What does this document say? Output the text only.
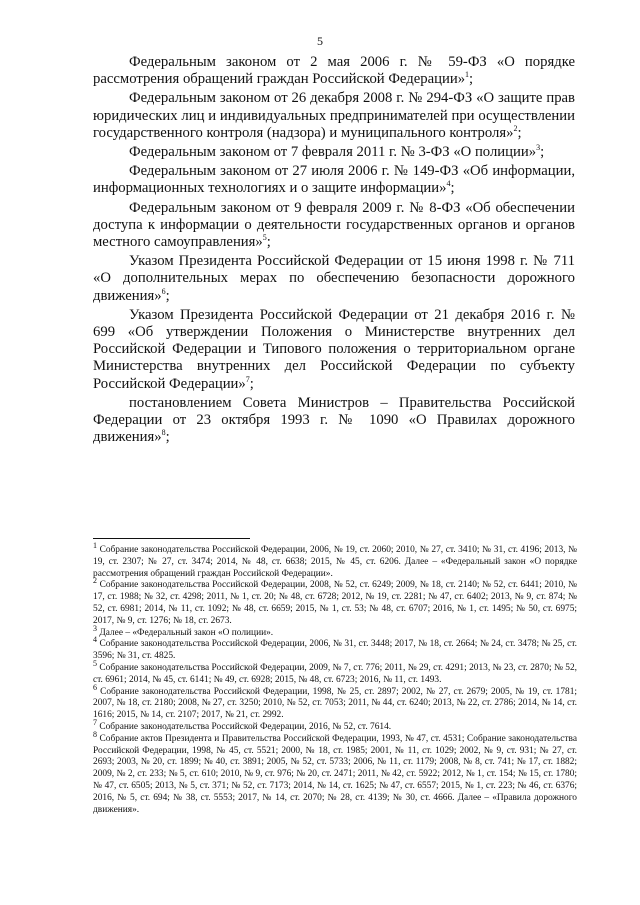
5

Федеральным законом от 2 мая 2006 г. № 59-ФЗ «О порядке рассмотрения обращений граждан Российской Федерации»$^1$;

Федеральным законом от 26 декабря 2008 г. № 294-ФЗ «О защите прав юридических лиц и индивидуальных предпринимателей при осуществлении государственного контроля (надзора) и муниципального контроля»$^2$;

Федеральным законом от 7 февраля 2011 г. № 3-ФЗ «О полиции»$^3$;

Федеральным законом от 27 июля 2006 г. № 149-ФЗ «Об информации, информационных технологиях и о защите информации»$^4$;

Федеральным законом от 9 февраля 2009 г. № 8-ФЗ «Об обеспечении доступа к информации о деятельности государственных органов и органов местного самоуправления»$^5$;

Указом Президента Российской Федерации от 15 июня 1998 г. № 711 «О дополнительных мерах по обеспечению безопасности дорожного движения»$^6$;

Указом Президента Российской Федерации от 21 декабря 2016 г. № 699 «Об утверждении Положения о Министерстве внутренних дел Российской Федерации и Типового положения о территориальном органе Министерства внутренних дел Российской Федерации по субъекту Российской Федерации»$^7$;

постановлением Совета Министров – Правительства Российской Федерации от 23 октября 1993 г. № 1090 «О Правилах дорожного движения»$^8$;

$^1$ Собрание законодательства Российской Федерации, 2006, № 19, ст. 2060; 2010, № 27, ст. 3410; № 31, ст. 4196; 2013, № 19, ст. 2307; № 27, ст. 3474; 2014, № 48, ст. 6638; 2015, № 45, ст. 6206. Далее – «Федеральный закон «О порядке рассмотрения обращений граждан Российской Федерации».

$^2$ Собрание законодательства Российской Федерации, 2008, № 52, ст. 6249; 2009, № 18, ст. 2140; № 52, ст. 6441; 2010, № 17, ст. 1988; № 32, ст. 4298; 2011, № 1, ст. 20; № 48, ст. 6728; 2012, № 19, ст. 2281; № 47, ст. 6402; 2013, № 9, ст. 874; № 52, ст. 6981; 2014, № 11, ст. 1092; № 48, ст. 6659; 2015, № 1, ст. 53; № 48, ст. 6707; 2016, № 1, ст. 1495; № 50, ст. 6975; 2017, № 9, ст. 1276; № 18, ст. 2673.

$^3$ Далее – «Федеральный закон «О полиции».

$^4$ Собрание законодательства Российской Федерации, 2006, № 31, ст. 3448; 2017, № 18, ст. 2664; № 24, ст. 3478; № 25, ст. 3596; № 31, ст. 4825.

$^5$ Собрание законодательства Российской Федерации, 2009, № 7, ст. 776; 2011, № 29, ст. 4291; 2013, № 23, ст. 2870; № 52, ст. 6961; 2014, № 45, ст. 6141; № 49, ст. 6928; 2015, № 48, ст. 6723; 2016, № 11, ст. 1493.

$^6$ Собрание законодательства Российской Федерации, 1998, № 25, ст. 2897; 2002, № 27, ст. 2679; 2005, № 19, ст. 1781; 2007, № 18, ст. 2180; 2008, № 27, ст. 3250; 2010, № 52, ст. 7053; 2011, № 44, ст. 6240; 2013, № 22, ст. 2786; 2014, № 14, ст. 1616; 2015, № 14, ст. 2107; 2017, № 21, ст. 2992.

$^7$ Собрание законодательства Российской Федерации, 2016, № 52, ст. 7614.

$^8$ Собрание актов Президента и Правительства Российской Федерации, 1993, № 47, ст. 4531; Собрание законодательства Российской Федерации, 1998, № 45, ст. 5521; 2000, № 18, ст. 1985; 2001, № 11, ст. 1029; 2002, № 9, ст. 931; № 27, ст. 2693; 2003, № 20, ст. 1899; № 40, ст. 3891; 2005, № 52, ст. 5733; 2006, № 11, ст. 1179; 2008, № 8, ст. 741; № 17, ст. 1882; 2009, № 2, ст. 233; № 5, ст. 610; 2010, № 9, ст. 976; № 20, ст. 2471; 2011, № 42, ст. 5922; 2012, № 1, ст. 154; № 15, ст. 1780; № 47, ст. 6505; 2013, № 5, ст. 371; № 52, ст. 7173; 2014, № 14, ст. 1625; № 47, ст. 6557; 2015, № 1, ст. 223; № 46, ст. 6376; 2016, № 5, ст. 694; № 38, ст. 5553; 2017, № 14, ст. 2070; № 28, ст. 4139; № 30, ст. 4666. Далее – «Правила дорожного движения».
